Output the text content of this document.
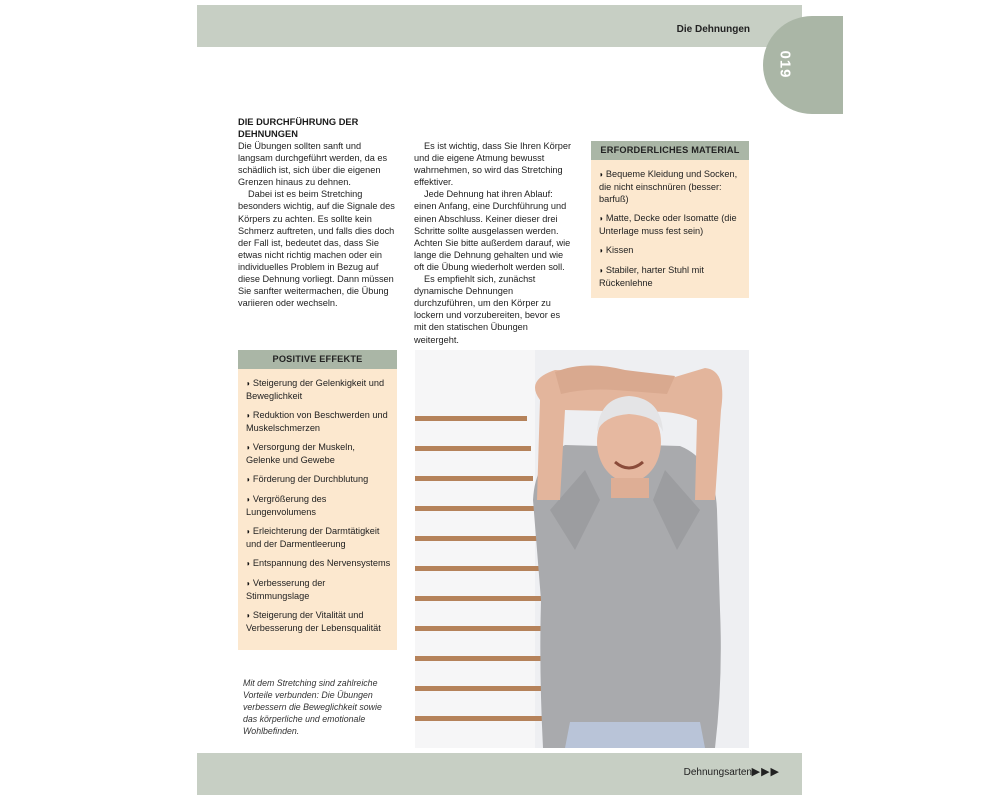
Die Dehnungen
019
DIE DURCHFÜHRUNG DER DEHNUNGEN

Die Übungen sollten sanft und langsam durchgeführt werden, da es schädlich ist, sich über die eigenen Grenzen hinaus zu dehnen.

Dabei ist es beim Stretching besonders wichtig, auf die Signale des Körpers zu achten. Es sollte kein Schmerz auftreten, und falls dies doch der Fall ist, bedeutet das, dass Sie etwas nicht richtig machen oder ein individuelles Problem in Bezug auf diese Dehnung vorliegt. Dann müssen Sie sanfter weitermachen, die Übung variieren oder wechseln.

Es ist wichtig, dass Sie Ihren Körper und die eigene Atmung bewusst wahrnehmen, so wird das Stretching effektiver.

Jede Dehnung hat ihren Ablauf: einen Anfang, eine Durchführung und einen Abschluss. Keiner dieser drei Schritte sollte ausgelassen werden. Achten Sie bitte außerdem darauf, wie lange die Dehnung gehalten und wie oft die Übung wiederholt werden soll.

Es empfiehlt sich, zunächst dynamische Dehnungen durchzuführen, um den Körper zu lockern und vorzubereiten, bevor es mit den statischen Übungen weitergeht.

ERFORDERLICHES MATERIAL
◗ Bequeme Kleidung und Socken, die nicht einschnüren (besser: barfuß)
◗ Matte, Decke oder Isomatte (die Unterlage muss fest sein)
◗ Kissen
◗ Stabiler, harter Stuhl mit Rückenlehne
POSITIVE EFFEKTE
◗ Steigerung der Gelenkigkeit und Beweglichkeit
◗ Reduktion von Beschwerden und Muskelschmerzen
◗ Versorgung der Muskeln, Gelenke und Gewebe
◗ Förderung der Durchblutung
◗ Vergrößerung des Lungenvolumens
◗ Erleichterung der Darmtätigkeit und der Darmentleerung
◗ Entspannung des Nervensystems
◗ Verbesserung der Stimmungslage
◗ Steigerung der Vitalität und Verbesserung der Lebensqualität
Mit dem Stretching sind zahlreiche Vorteile verbunden: Die Übungen verbessern die Beweglichkeit sowie das körperliche und emotionale Wohlbefinden.
Dehnungsarten ▶▶▶
